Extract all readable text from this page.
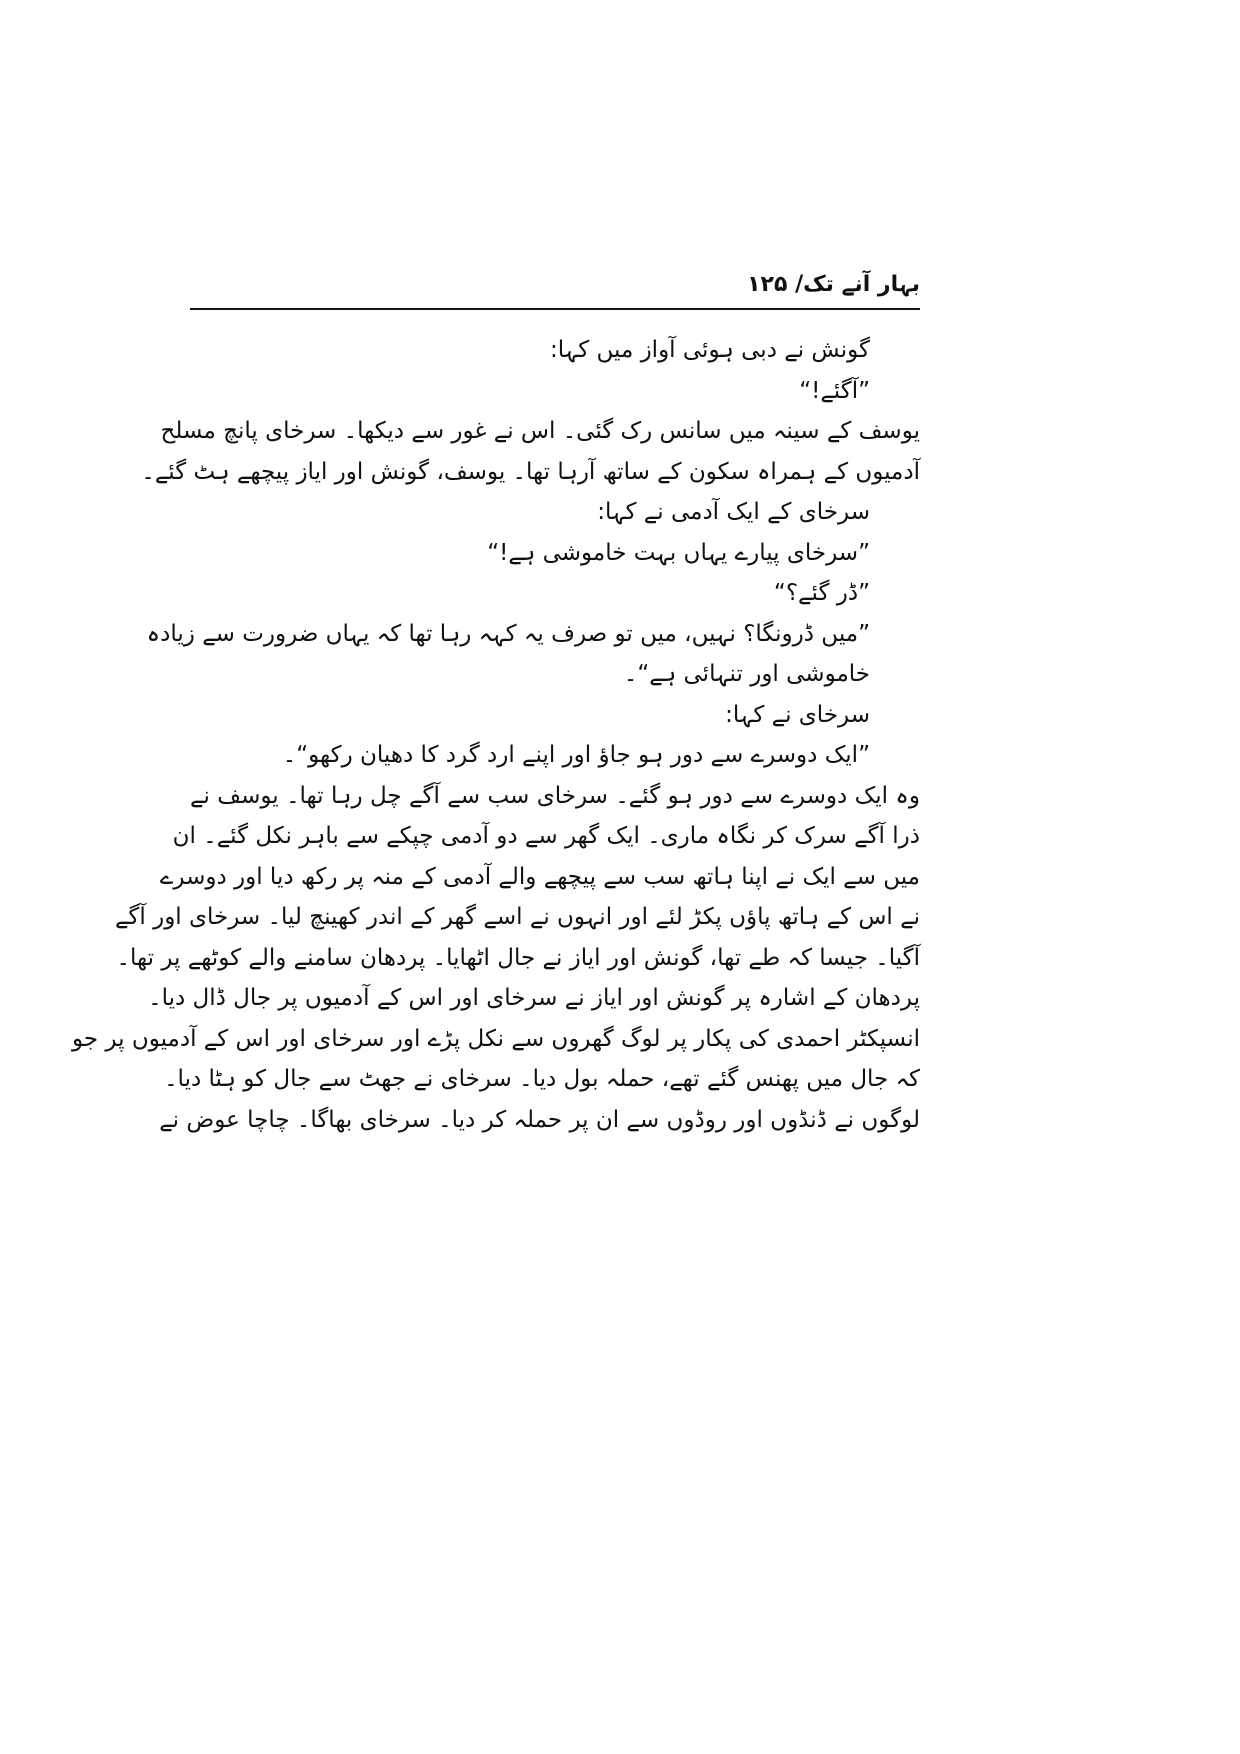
بہار آنے تک/ ۱۲۵
گونش نے دبی ہوئی آواز میں کہا:
”آگئے!“
یوسف کے سینہ میں سانس رک گئی۔ اس نے غور سے دیکھا۔ سرخای پانچ مسلح
آدمیوں کے ہمراہ سکون کے ساتھ آرہا تھا۔ یوسف، گونش اور ایاز پیچھے ہٹ گئے۔
سرخای کے ایک آدمی نے کہا:
”سرخای پیارے یہاں بہت خاموشی ہے!“
”ڈر گئے؟“
”میں ڈرونگا؟ نہیں، میں تو صرف یہ کہہ رہا تھا کہ یہاں ضرورت سے زیادہ
خاموشی اور تنہائی ہے“۔
سرخای نے کہا:
”ایک دوسرے سے دور ہو جاؤ اور اپنے ارد گرد کا دھیان رکھو“۔
وہ ایک دوسرے سے دور ہو گئے۔ سرخای سب سے آگے چل رہا تھا۔ یوسف نے
ذرا آگے سرک کر نگاہ ماری۔ ایک گھر سے دو آدمی چپکے سے باہر نکل گئے۔ ان
میں سے ایک نے اپنا ہاتھ سب سے پیچھے والے آدمی کے منہ پر رکھ دیا اور دوسرے
نے اس کے ہاتھ پاؤں پکڑ لئے اور انہوں نے اسے گھر کے اندر کھینچ لیا۔ سرخای اور آگے
آگیا۔ جیسا کہ طے تھا، گونش اور ایاز نے جال اٹھایا۔ پردھان سامنے والے کوٹھے پر تھا۔
پردھان کے اشارہ پر گونش اور ایاز نے سرخای اور اس کے آدمیوں پر جال ڈال دیا۔
انسپکٹر احمدی کی پکار پر لوگ گھروں سے نکل پڑے اور سرخای اور اس کے آدمیوں پر جو
کہ جال میں پھنس گئے تھے، حملہ بول دیا۔ سرخای نے جھٹ سے جال کو ہٹا دیا۔
لوگوں نے ڈنڈوں اور روڈوں سے ان پر حملہ کر دیا۔ سرخای بھاگا۔ چاچا عوض نے
